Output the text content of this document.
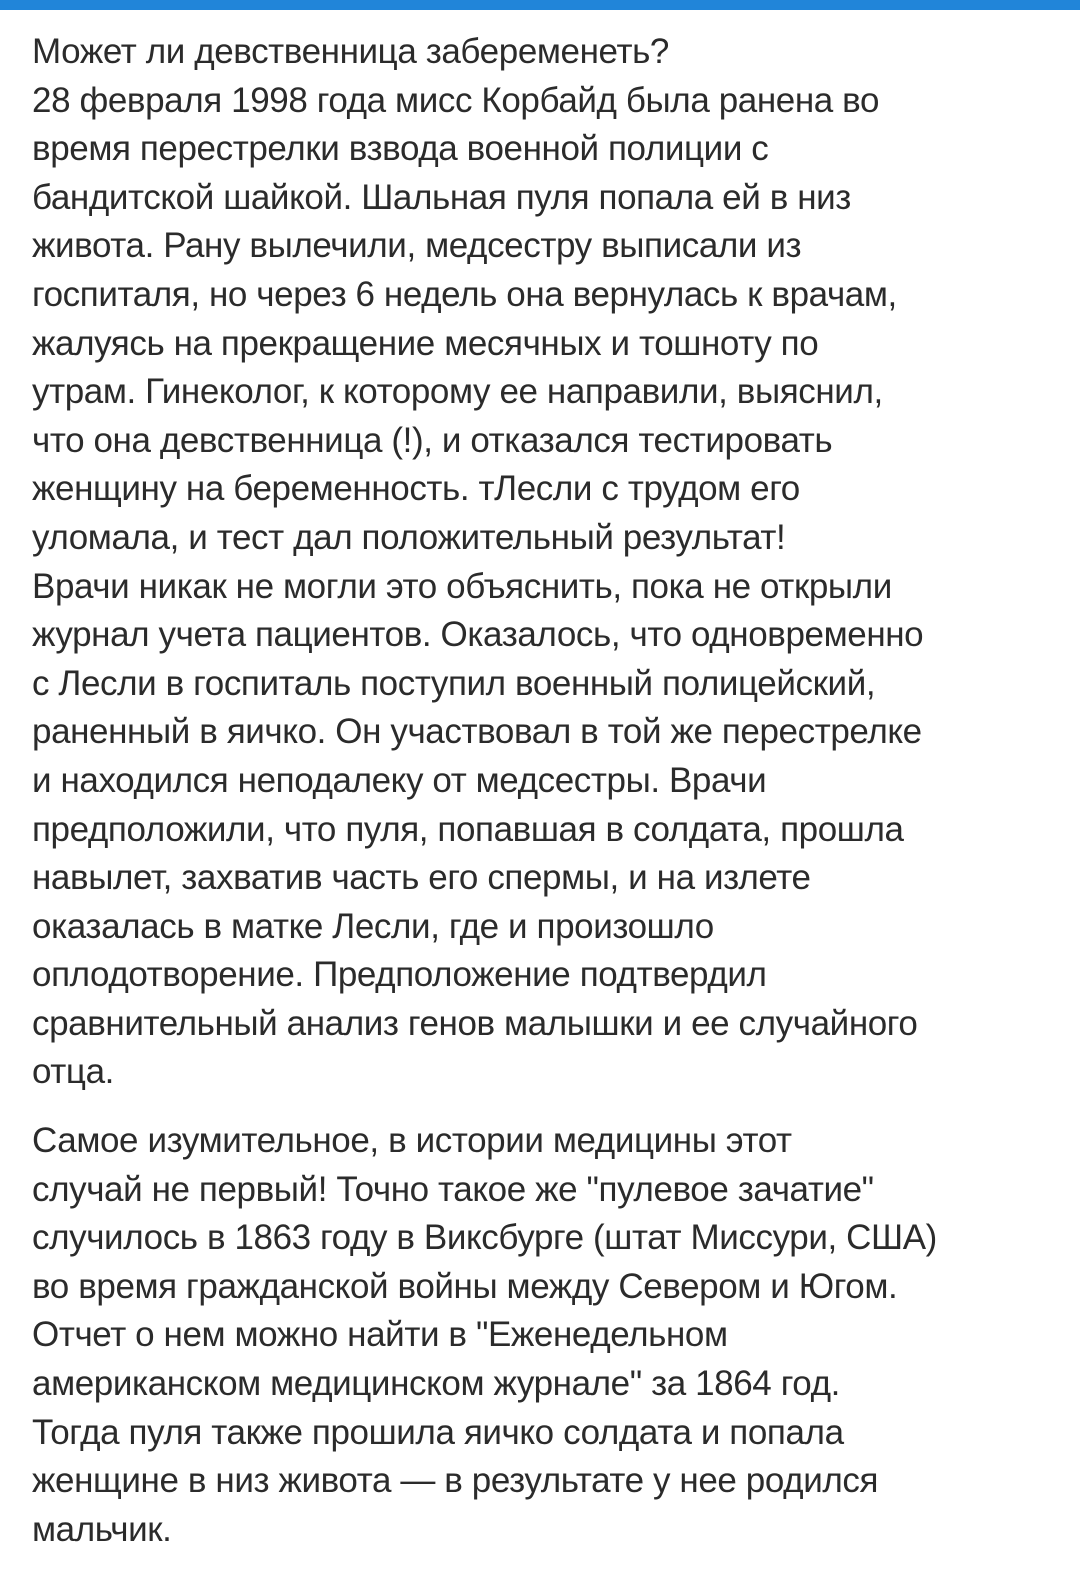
Может ли девственница забеременеть?
28 февраля 1998 года мисс Корбайд была ранена во
время перестрелки взвода военной полиции с
бандитской шайкой. Шальная пуля попала ей в низ
живота. Рану вылечили, медсестру выписали из
госпиталя, но через 6 недель она вернулась к врачам,
жалуясь на прекращение месячных и тошноту по
утрам. Гинеколог, к которому ее направили, выяснил,
что она девственница (!), и отказался тестировать
женщину на беременность. тЛесли с трудом его
уломала, и тест дал положительный результат!
Врачи никак не могли это объяснить, пока не открыли
журнал учета пациентов. Оказалось, что одновременно
с Лесли в госпиталь поступил военный полицейский,
раненный в яичко. Он участвовал в той же перестрелке
и находился неподалеку от медсестры. Врачи
предположили, что пуля, попавшая в солдата, прошла
навылет, захватив часть его спермы, и на излете
оказалась в матке Лесли, где и произошло
оплодотворение. Предположение подтвердил
сравнительный анализ генов малышки и ее случайного
отца.
Самое изумительное, в истории медицины этот
случай не первый! Точно такое же "пулевое зачатие"
случилось в 1863 году в Виксбурге (штат Миссури, США)
во время гражданской войны между Севером и Югом.
Отчет о нем можно найти в "Еженедельном
американском медицинском журнале" за 1864 год.
Тогда пуля также прошила яичко солдата и попала
женщине в низ живота — в результате у нее родился
мальчик.
